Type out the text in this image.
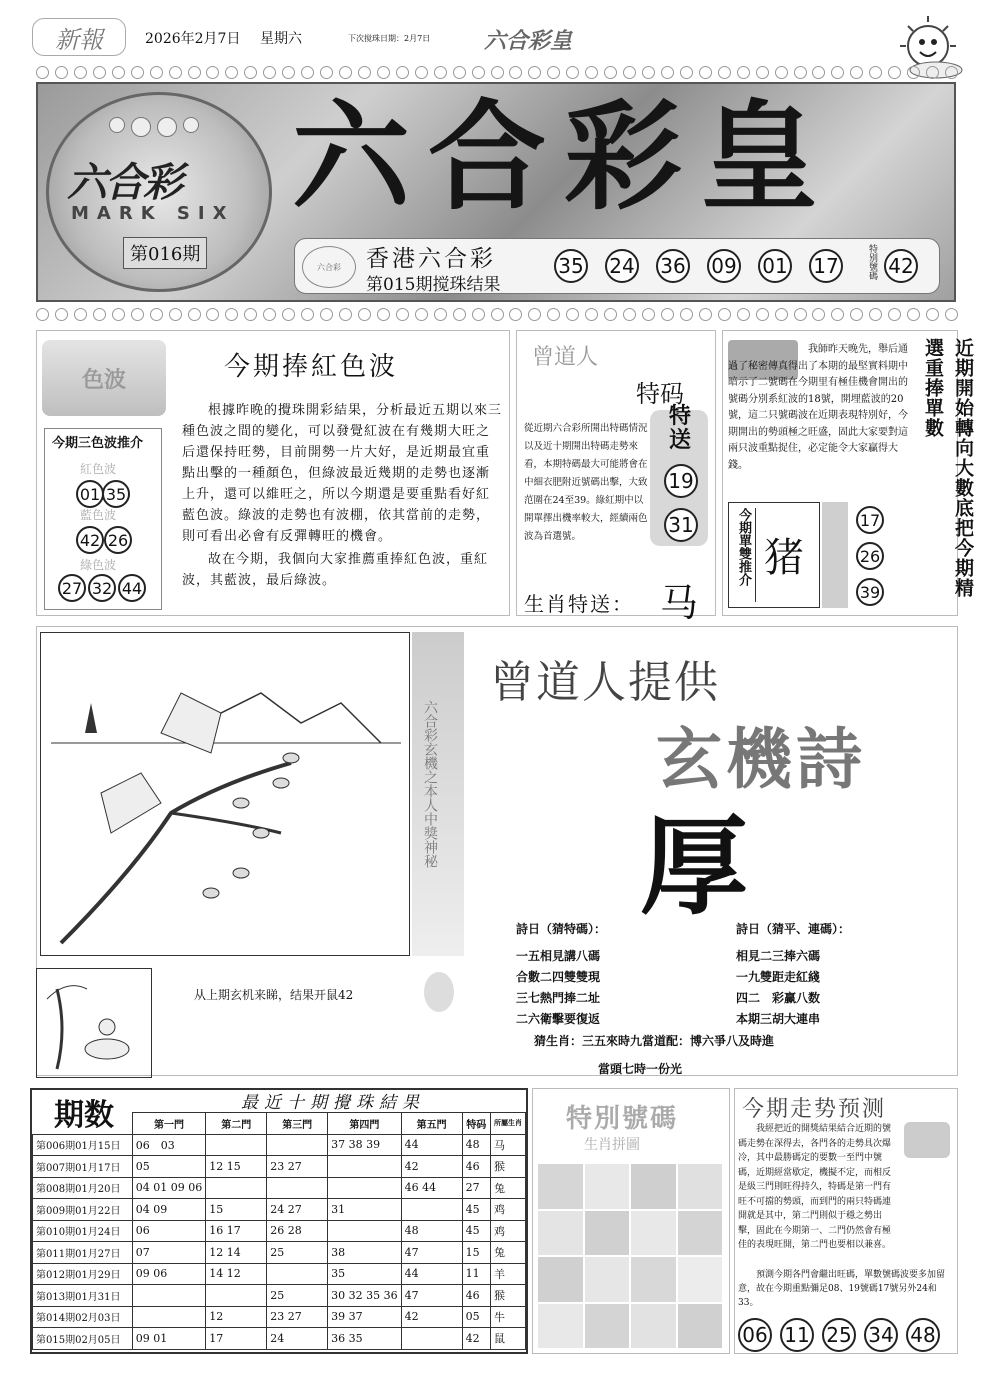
新報	2026年2月7日 星期六	下次搅珠日期：2月7日 六合彩皇
六合彩
MARK SIX
第016期
六合彩皇
六合彩	香港六合彩
第015期搅珠结果
35 24 36 09 01 17 42
特别號碼
色波
今期三色波推介
紅色波
01 35
藍色波
42 26
綠色波
27 32 44
今期捧紅色波
根據昨晚的攪珠開彩結果，分析最近五期以來三種色波之間的變化，可以發覺紅波在有幾期大旺之后還保持旺勢，目前開勢一片大好，是近期最宜重點出擊的一種顏色，但綠波最近幾期的走勢也逐漸上升，還可以維旺之，所以今期還是要重點看好紅藍色波。綠波的走勢也有波棚，依其當前的走勢，則可看出必會有反彈轉旺的機會。
故在今期，我個向大家推薦重捧紅色波，重紅波，其藍波，最后綠波。
曾道人
特码
特送
19
31
從近期六合彩所開出特碼情況以及近十期開出特碼走勢來看，本期特碼最大可能將會在中細衣肥附近號碼出擊，大致范圍在24至39。綠紅期中以開單擇出機率較大，經續兩色波為首選號。
生肖特送： 马
我師昨天晚先，舉后通過了秘密傳真得出了本期的最堅實料期中暗示了二號碼在今期里有極佳機會開出的號碼分別系紅波的18號，開埋藍波的20號，這二只號碼波在近期表現特別好，今期開出的勢頭極之旺盛，固此大家要對這兩只波重點捉住，必定能令大家贏得大錢。	近期開始轉向大數底把今期精選重捧單數
今期單雙推介 猪
17
26
39
六合彩玄機之本人中獎神秘
曾道人提供
玄機詩
厚
詩日（猜特碼）：
一五相見講八碼
合數二四雙雙現
三七熱門捧二址
二六衛擊要復返
詩日（猜平、連碼）：
相見二三捧六碼
一九雙距走紅綫
四二　彩赢八数
本期三胡大連串
猜生肖：三五來時九當道配：博六爭八及時進
當頭七時一份光
从上期玄机来睇，结果开鼠42
期数	最近十期攪珠結果
	第一門	第二門	第三門	第四門	第五門	特码	所屬生肖
第006期01月15日	06　03			37 38 39	44	48	马
第007期01月17日	05	12 15	23 27		42	46	猴
第008期01月20日	04 01 09 06				46 44	27	兔
第009期01月22日	04 09	15	24 27	31		45	鸡
第010期01月24日	06	16 17	26 28		48	45	鸡
第011期01月27日	07	12 14	25	38	47	15	兔
第012期01月29日	09 06	14 12		35	44	11	羊
第013期01月31日			25	30 32 35 36	47	46	猴
第014期02月03日		12	23 27	39 37	42	05	牛
第015期02月05日	09 01	17	24	36 35		42	鼠
特別號碼
生肖拼圖
今期走势预测
我經把近的開獎結果結合近期的號碼走勢在深得去，各門各的走勢具次爆冷，其中最勝碼定的要數一至門中號碼，近期經當歇定，機擬不定，而相反是級三門則旺得持久，特碼是第一門有旺不可擋的勢頭，而到門的兩只特碼連開就是其中，第二門則似于穩之勢出擊，固此在今期第一、二門仍然會有極佳的表現旺開，第二門也要相以兼喜。
預測今期各門會繼出旺碼，單數號碼波要多加留意，故在今期重點彌足08、19號碼17號另外24和33。
06 11 25 34 48
